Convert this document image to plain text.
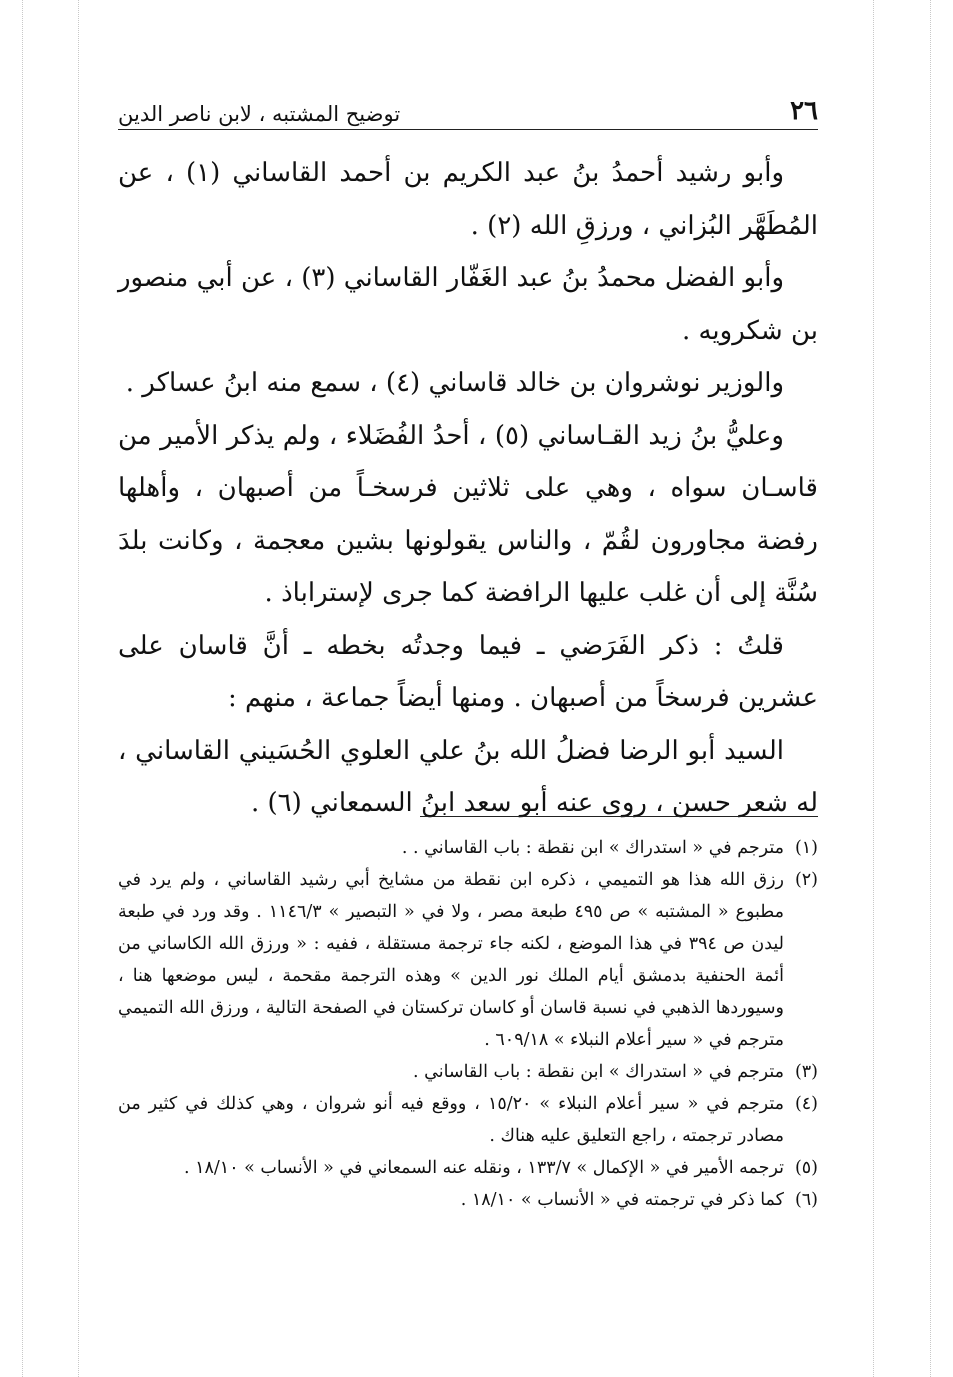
٢٦
توضيح المشتبه ، لابن ناصر الدين

وأبو رشيد أحمدُ بنُ عبد الكريم بن أحمد القاساني (١) ، عن المُطَهَّر البُزاني ، ورزقِ الله (٢) .

وأبو الفضل محمدُ بنُ عبد الغَفّار القاساني (٣) ، عن أبي منصور بن شكرويه .

والوزير نوشروان بن خالد قاساني (٤) ، سمع منه ابنُ عساكر .

وعليُّ بنُ زيد القـاساني (٥) ، أحدُ الفُضَلاء ، ولم يذكر الأمير من قاسـان سواه ، وهي على ثلاثين فرسخـاً من أصبهان ، وأهلها رفضة مجاورون لقُمّ ، والناس يقولونها بشين معجمة ، وكانت بلدَ سُنَّة إلى أن غلب عليها الرافضة كما جرى لإستراباذ .

قلتُ : ذكر الفَرَضي ـ فيما وجدتُه بخطه ـ أنَّ قاسان على عشرين فرسخاً من أصبهان . ومنها أيضاً جماعة ، منهم :

السيد أبو الرضا فضلُ الله بنُ علي العلوي الحُسَيني القاساني ، له شعر حسن ، روى عنه أبو سعد ابنُ السمعاني (٦) .

(١)
مترجم في « استدراك » ابن نقطة : باب القاساني . .
(٢)
رزق الله هذا هو التميمي ، ذكره ابن نقطة من مشايخ أبي رشيد القاساني ، ولم يرد في مطبوع « المشتبه » ص ٤٩٥ طبعة مصر ، ولا في « التبصير » ١١٤٦/٣ . وقد ورد في طبعة ليدن ص ٣٩٤ في هذا الموضع ، لكنه جاء ترجمة مستقلة ، ففيه : « ورزق الله الكاساني من أئمة الحنفية بدمشق أيام الملك نور الدين » وهذه الترجمة مقحمة ، ليس موضعها هنا ، وسيوردها الذهبي في نسبة قاسان أو كاسان تركستان في الصفحة التالية ، ورزق الله التميمي مترجم في « سير أعلام النبلاء » ٦٠٩/١٨ .
(٣)
مترجم في « استدراك » ابن نقطة : باب القاساني .
(٤)
مترجم في « سير أعلام النبلاء » ١٥/٢٠ ، ووقع فيه أنو شروان ، وهي كذلك في كثير من مصادر ترجمته ، راجع التعليق عليه هناك .
(٥)
ترجمه الأمير في « الإكمال » ١٣٣/٧ ، ونقله عنه السمعاني في « الأنساب » ١٨/١٠ .
(٦)
كما ذكر في ترجمته في « الأنساب » ١٨/١٠ .
